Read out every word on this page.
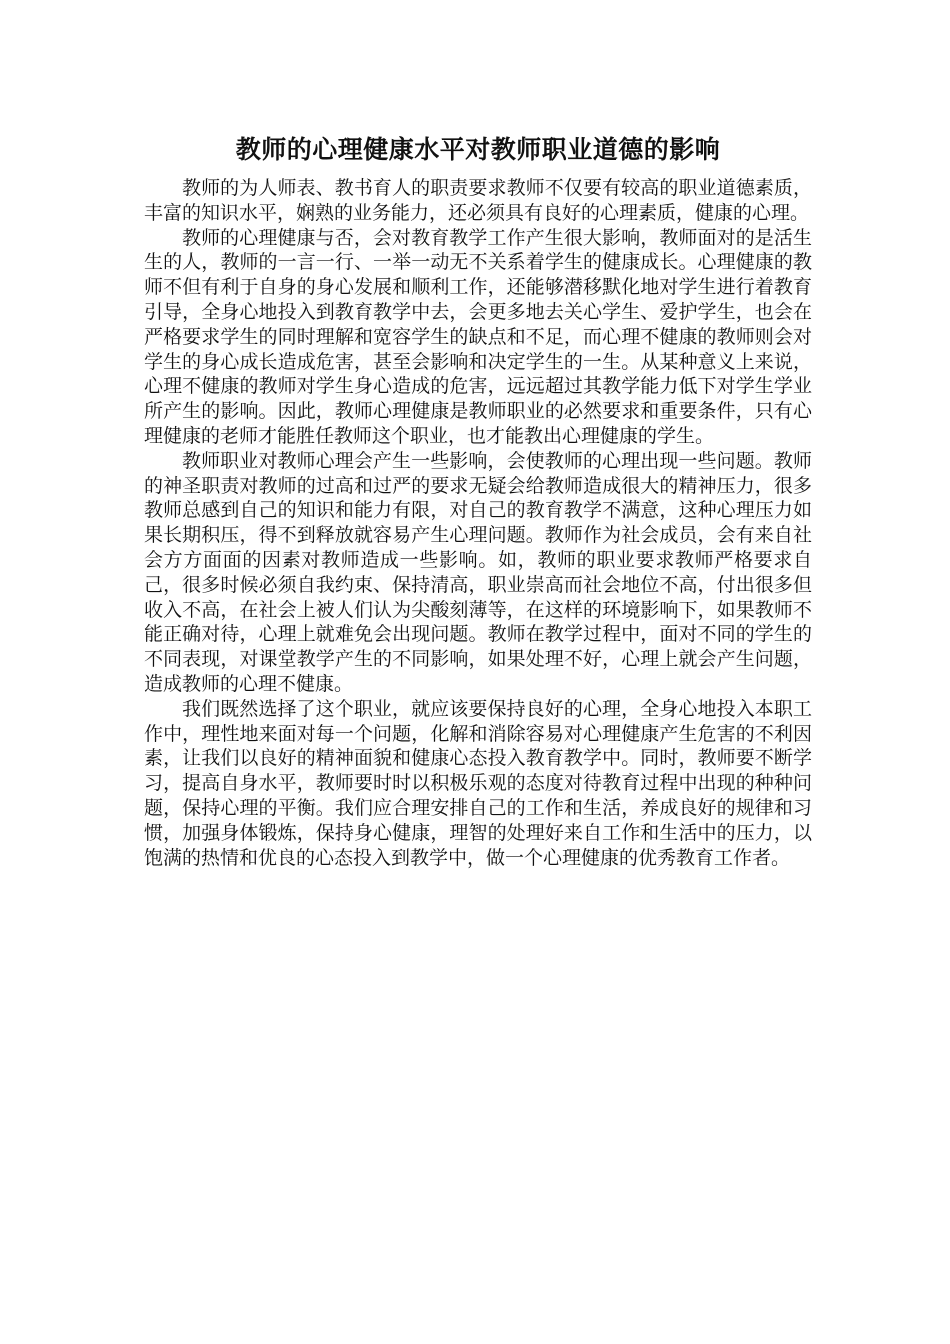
教师的心理健康水平对教师职业道德的影响

教师的为人师表、教书育人的职责要求教师不仅要有较高的职业道德素质，丰富的知识水平，娴熟的业务能力，还必须具有良好的心理素质，健康的心理。

教师的心理健康与否，会对教育教学工作产生很大影响，教师面对的是活生生的人，教师的一言一行、一举一动无不关系着学生的健康成长。心理健康的教师不但有利于自身的身心发展和顺利工作，还能够潜移默化地对学生进行着教育引导，全身心地投入到教育教学中去，会更多地去关心学生、爱护学生，也会在严格要求学生的同时理解和宽容学生的缺点和不足，而心理不健康的教师则会对学生的身心成长造成危害，甚至会影响和决定学生的一生。从某种意义上来说，心理不健康的教师对学生身心造成的危害，远远超过其教学能力低下对学生学业所产生的影响。因此，教师心理健康是教师职业的必然要求和重要条件，只有心理健康的老师才能胜任教师这个职业，也才能教出心理健康的学生。

教师职业对教师心理会产生一些影响，会使教师的心理出现一些问题。教师的神圣职责对教师的过高和过严的要求无疑会给教师造成很大的精神压力，很多教师总感到自己的知识和能力有限，对自己的教育教学不满意，这种心理压力如果长期积压，得不到释放就容易产生心理问题。教师作为社会成员，会有来自社会方方面面的因素对教师造成一些影响。如，教师的职业要求教师严格要求自己，很多时候必须自我约束、保持清高，职业崇高而社会地位不高，付出很多但收入不高，在社会上被人们认为尖酸刻薄等，在这样的环境影响下，如果教师不能正确对待，心理上就难免会出现问题。教师在教学过程中，面对不同的学生的不同表现，对课堂教学产生的不同影响，如果处理不好，心理上就会产生问题，造成教师的心理不健康。

我们既然选择了这个职业，就应该要保持良好的心理，全身心地投入本职工作中，理性地来面对每一个问题，化解和消除容易对心理健康产生危害的不利因素，让我们以良好的精神面貌和健康心态投入教育教学中。同时，教师要不断学习，提高自身水平，教师要时时以积极乐观的态度对待教育过程中出现的种种问题，保持心理的平衡。我们应合理安排自己的工作和生活，养成良好的规律和习惯，加强身体锻炼，保持身心健康，理智的处理好来自工作和生活中的压力，以饱满的热情和优良的心态投入到教学中，做一个心理健康的优秀教育工作者。
